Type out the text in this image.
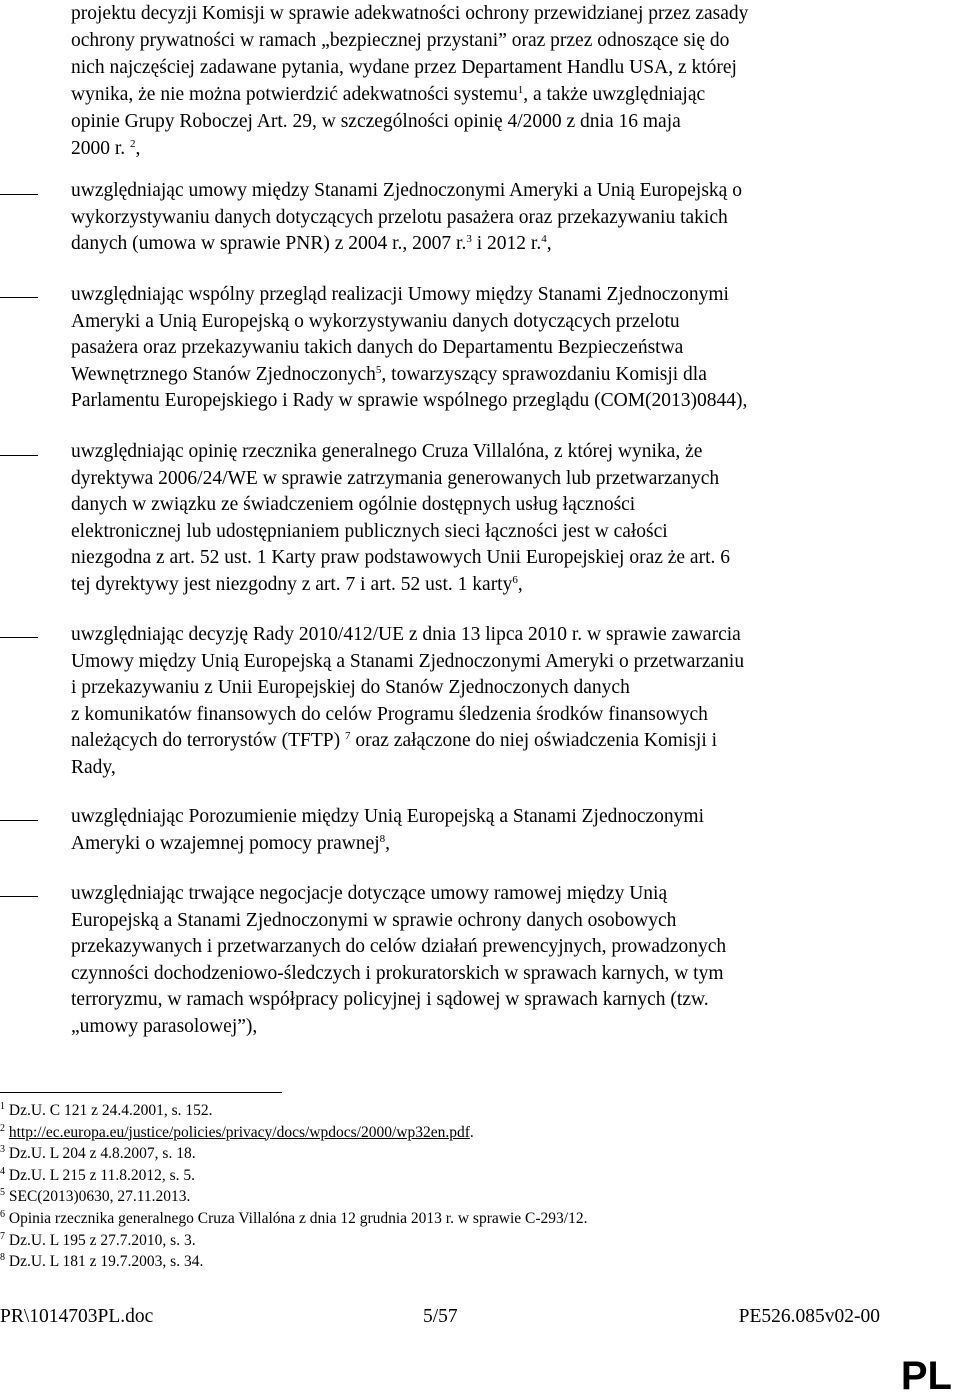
projektu decyzji Komisji w sprawie adekwatności ochrony przewidzianej przez zasady
ochrony prywatności w ramach „bezpiecznej przystani” oraz przez odnoszące się do
nich najczęściej zadawane pytania, wydane przez Departament Handlu USA, z której
wynika, że nie można potwierdzić adekwatności systemu$^1$, a także uwzględniając
opinie Grupy Roboczej Art. 29, w szczególności opinię 4/2000 z dnia 16 maja
2000 r. $^2$,
uwzględniając umowy między Stanami Zjednoczonymi Ameryki a Unią Europejską o
wykorzystywaniu danych dotyczących przelotu pasażera oraz przekazywaniu takich
danych (umowa w sprawie PNR) z 2004 r., 2007 r.$^3$ i 2012 r.$^4$,
uwzględniając wspólny przegląd realizacji Umowy między Stanami Zjednoczonymi
Ameryki a Unią Europejską o wykorzystywaniu danych dotyczących przelotu
pasażera oraz przekazywaniu takich danych do Departamentu Bezpieczeństwa
Wewnętrznego Stanów Zjednoczonych$^5$, towarzyszący sprawozdaniu Komisji dla
Parlamentu Europejskiego i Rady w sprawie wspólnego przeglądu (COM(2013)0844),
uwzględniając opinię rzecznika generalnego Cruza Villalóna, z której wynika, że
dyrektywa 2006/24/WE w sprawie zatrzymania generowanych lub przetwarzanych
danych w związku ze świadczeniem ogólnie dostępnych usług łączności
elektronicznej lub udostępnianiem publicznych sieci łączności jest w całości
niezgodna z art. 52 ust. 1 Karty praw podstawowych Unii Europejskiej oraz że art. 6
tej dyrektywy jest niezgodny z art. 7 i art. 52 ust. 1 karty$^6$,
uwzględniając decyzję Rady 2010/412/UE z dnia 13 lipca 2010 r. w sprawie zawarcia
Umowy między Unią Europejską a Stanami Zjednoczonymi Ameryki o przetwarzaniu
i przekazywaniu z Unii Europejskiej do Stanów Zjednoczonych danych
z komunikatów finansowych do celów Programu śledzenia środków finansowych
należących do terrorystów (TFTP) $^7$ oraz załączone do niej oświadczenia Komisji i
Rady,
uwzględniając Porozumienie między Unią Europejską a Stanami Zjednoczonymi
Ameryki o wzajemnej pomocy prawnej$^8$,
uwzględniając trwające negocjacje dotyczące umowy ramowej między Unią
Europejską a Stanami Zjednoczonymi w sprawie ochrony danych osobowych
przekazywanych i przetwarzanych do celów działań prewencyjnych, prowadzonych
czynności dochodzeniowo-śledczych i prokuratorskich w sprawach karnych, w tym
terroryzmu, w ramach współpracy policyjnej i sądowej w sprawach karnych (tzw.
„umowy parasolowej”),
$^1$ Dz.U. C 121 z 24.4.2001, s. 152.
$^2$ http://ec.europa.eu/justice/policies/privacy/docs/wpdocs/2000/wp32en.pdf.
$^3$ Dz.U. L 204 z 4.8.2007, s. 18.
$^4$ Dz.U. L 215 z 11.8.2012, s. 5.
$^5$ SEC(2013)0630, 27.11.2013.
$^6$ Opinia rzecznika generalnego Cruza Villalóna z dnia 12 grudnia 2013 r. w sprawie C-293/12.
$^7$ Dz.U. L 195 z 27.7.2010, s. 3.
$^8$ Dz.U. L 181 z 19.7.2003, s. 34.
PR\1014703PL.doc	5/57	PE526.085v02-00
PL
